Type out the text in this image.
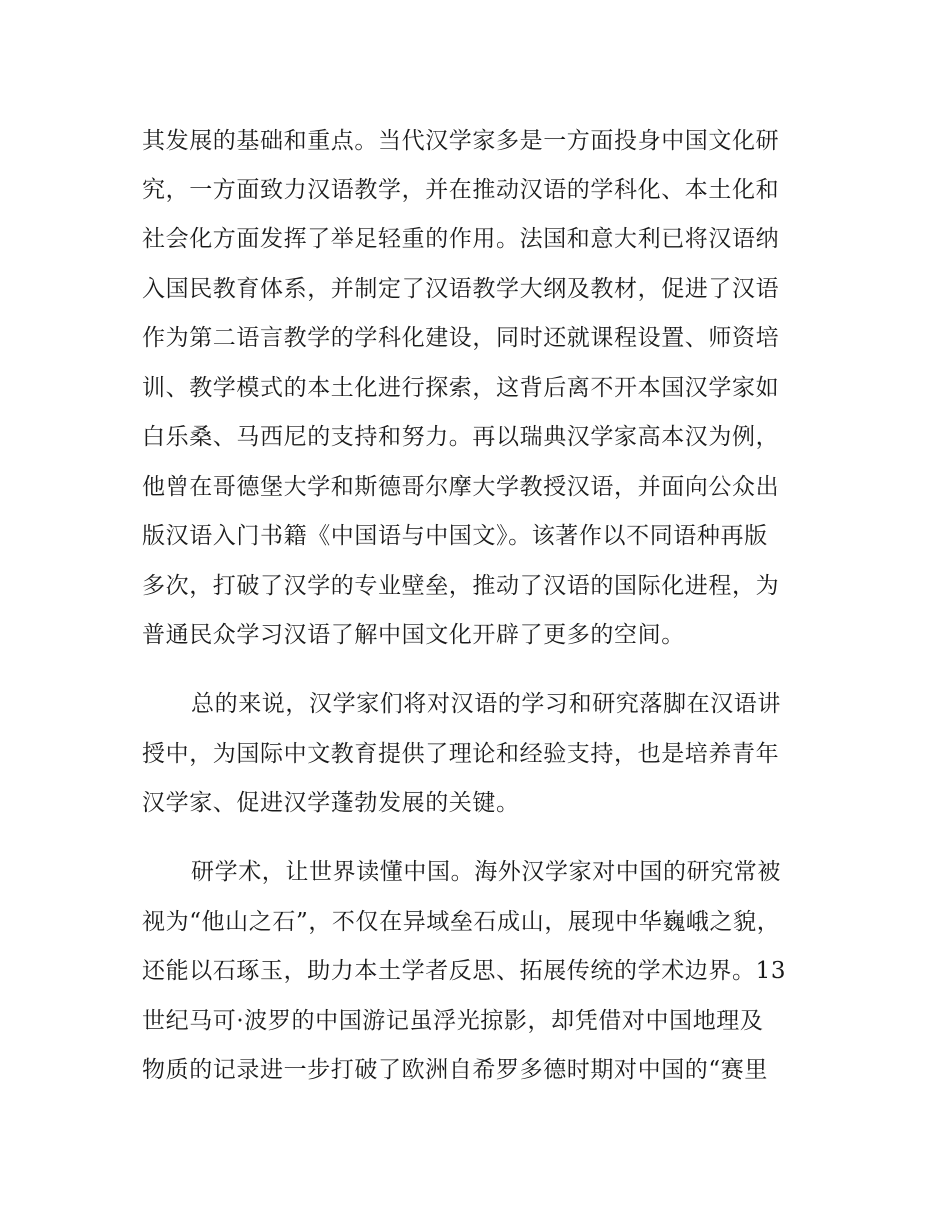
其发展的基础和重点。当代汉学家多是一方面投身中国文化研
究，一方面致力汉语教学，并在推动汉语的学科化、本土化和
社会化方面发挥了举足轻重的作用。法国和意大利已将汉语纳
入国民教育体系，并制定了汉语教学大纲及教材，促进了汉语
作为第二语言教学的学科化建设，同时还就课程设置、师资培
训、教学模式的本土化进行探索，这背后离不开本国汉学家如
白乐桑、马西尼的支持和努力。再以瑞典汉学家高本汉为例，
他曾在哥德堡大学和斯德哥尔摩大学教授汉语，并面向公众出
版汉语入门书籍《中国语与中国文》。该著作以不同语种再版
多次，打破了汉学的专业壁垒，推动了汉语的国际化进程，为
普通民众学习汉语了解中国文化开辟了更多的空间。
总的来说，汉学家们将对汉语的学习和研究落脚在汉语讲
授中，为国际中文教育提供了理论和经验支持，也是培养青年
汉学家、促进汉学蓬勃发展的关键。
研学术，让世界读懂中国。海外汉学家对中国的研究常被
视为“他山之石”，不仅在异域垒石成山，展现中华巍峨之貌，
还能以石琢玉，助力本土学者反思、拓展传统的学术边界。13
世纪马可·波罗的中国游记虽浮光掠影，却凭借对中国地理及
物质的记录进一步打破了欧洲自希罗多德时期对中国的“赛里
